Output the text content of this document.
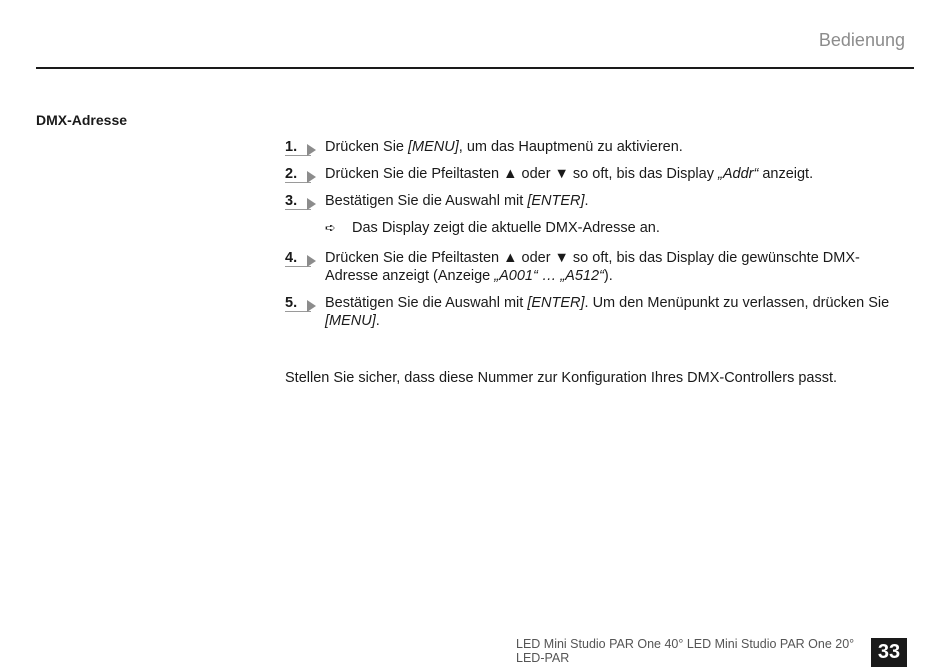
Bedienung
DMX-Adresse
1. Drücken Sie [MENU], um das Hauptmenü zu aktivieren.
2. Drücken Sie die Pfeiltasten ▲ oder ▼ so oft, bis das Display „Addr“ anzeigt.
3. Bestätigen Sie die Auswahl mit [ENTER].
➪	Das Display zeigt die aktuelle DMX-Adresse an.
4. Drücken Sie die Pfeiltasten ▲ oder ▼ so oft, bis das Display die gewünschte DMX-Adresse anzeigt (Anzeige „A001“ … „A512“).
5. Bestätigen Sie die Auswahl mit [ENTER]. Um den Menüpunkt zu verlassen, drücken Sie [MENU].
Stellen Sie sicher, dass diese Nummer zur Konfiguration Ihres DMX-Controllers passt.
LED Mini Studio PAR One 40° LED Mini Studio PAR One 20° LED-PAR	33
